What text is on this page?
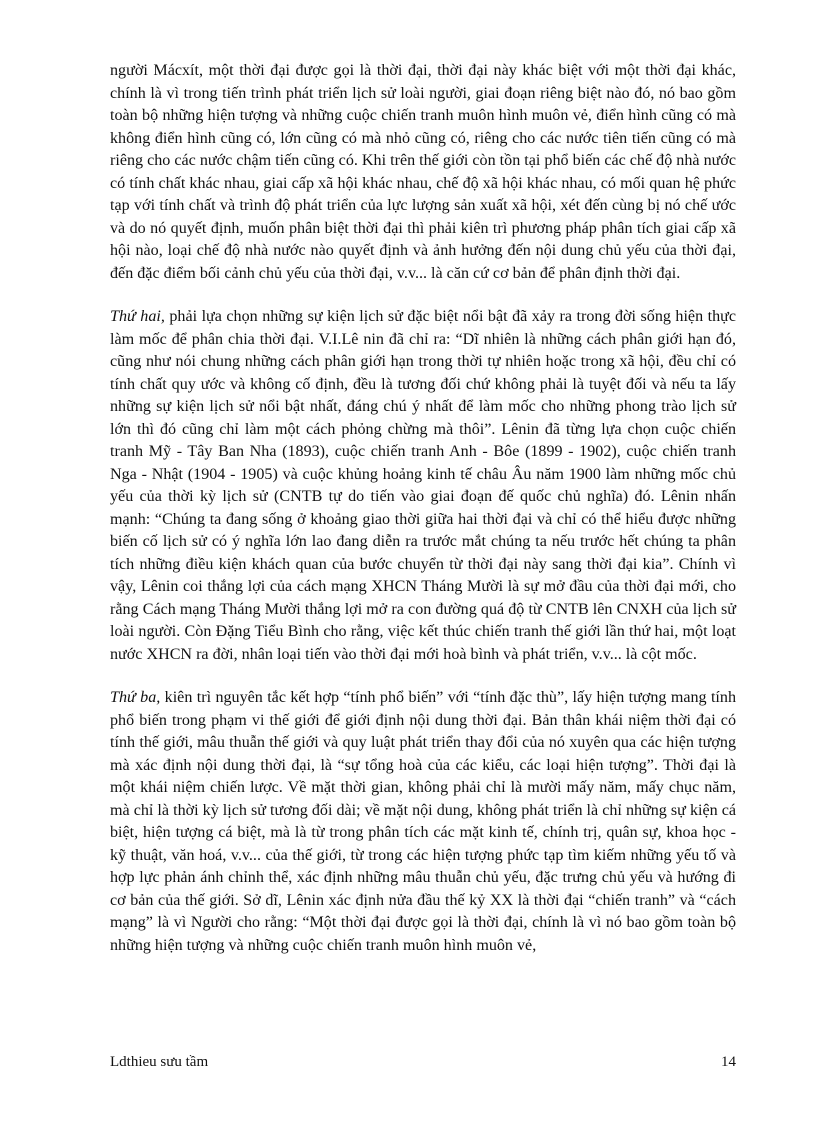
người Mácxít, một thời đại được gọi là thời đại, thời đại này khác biệt với một thời đại khác, chính là vì trong tiến trình phát triển lịch sử loài người, giai đoạn riêng biệt nào đó, nó bao gồm toàn bộ những hiện tượng và những cuộc chiến tranh muôn hình muôn vẻ, điển hình cũng có mà không điển hình cũng có, lớn cũng có mà nhỏ cũng có, riêng cho các nước tiên tiến cũng có mà riêng cho các nước chậm tiến cũng có. Khi trên thế giới còn tồn tại phổ biến các chế độ nhà nước có tính chất khác nhau, giai cấp xã hội khác nhau, chế độ xã hội khác nhau, có mối quan hệ phức tạp với tính chất và trình độ phát triển của lực lượng sản xuất xã hội, xét đến cùng bị nó chế ước và do nó quyết định, muốn phân biệt thời đại thì phải kiên trì phương pháp phân tích giai cấp xã hội nào, loại chế độ nhà nước nào quyết định và ảnh hưởng đến nội dung chủ yếu của thời đại, đến đặc điểm bối cảnh chủ yếu của thời đại, v.v... là căn cứ cơ bản để phân định thời đại.

Thứ hai, phải lựa chọn những sự kiện lịch sử đặc biệt nổi bật đã xảy ra trong đời sống hiện thực làm mốc để phân chia thời đại. V.I.Lê nin đã chỉ ra: “Dĩ nhiên là những cách phân giới hạn đó, cũng như nói chung những cách phân giới hạn trong thời tự nhiên hoặc trong xã hội, đều chỉ có tính chất quy ước và không cố định, đều là tương đối chứ không phải là tuyệt đối và nếu ta lấy những sự kiện lịch sử nổi bật nhất, đáng chú ý nhất để làm mốc cho những phong trào lịch sử lớn thì đó cũng chỉ làm một cách phỏng chừng mà thôi”. Lênin đã từng lựa chọn cuộc chiến tranh Mỹ - Tây Ban Nha (1893), cuộc chiến tranh Anh - Bôe (1899 - 1902), cuộc chiến tranh Nga - Nhật (1904 - 1905) và cuộc khủng hoảng kinh tế châu Âu năm 1900 làm những mốc chủ yếu của thời kỳ lịch sử (CNTB tự do tiến vào giai đoạn đế quốc chủ nghĩa) đó. Lênin nhấn mạnh: “Chúng ta đang sống ở khoảng giao thời giữa hai thời đại và chỉ có thể hiểu được những biến cố lịch sử có ý nghĩa lớn lao đang diễn ra trước mắt chúng ta nếu trước hết chúng ta phân tích những điều kiện khách quan của bước chuyển từ thời đại này sang thời đại kia”. Chính vì vậy, Lênin coi thắng lợi của cách mạng XHCN Tháng Mười là sự mở đầu của thời đại mới, cho rằng Cách mạng Tháng Mười thắng lợi mở ra con đường quá độ từ CNTB lên CNXH của lịch sử loài người. Còn Đặng Tiểu Bình cho rằng, việc kết thúc chiến tranh thế giới lần thứ hai, một loạt nước XHCN ra đời, nhân loại tiến vào thời đại mới hoà bình và phát triển, v.v... là cột mốc.

Thứ ba, kiên trì nguyên tắc kết hợp “tính phổ biến” với “tính đặc thù”, lấy hiện tượng mang tính phổ biến trong phạm vi thế giới để giới định nội dung thời đại. Bản thân khái niệm thời đại có tính thế giới, mâu thuẫn thế giới và quy luật phát triển thay đổi của nó xuyên qua các hiện tượng mà xác định nội dung thời đại, là “sự tổng hoà của các kiểu, các loại hiện tượng”. Thời đại là một khái niệm chiến lược. Về mặt thời gian, không phải chỉ là mười mấy năm, mấy chục năm, mà chỉ là thời kỳ lịch sử tương đối dài; về mặt nội dung, không phát triển là chỉ những sự kiện cá biệt, hiện tượng cá biệt, mà là từ trong phân tích các mặt kinh tế, chính trị, quân sự, khoa học - kỹ thuật, văn hoá, v.v... của thế giới, từ trong các hiện tượng phức tạp tìm kiếm những yếu tố và hợp lực phản ánh chỉnh thể, xác định những mâu thuẫn chủ yếu, đặc trưng chủ yếu và hướng đi cơ bản của thế giới. Sở dĩ, Lênin xác định nửa đầu thế kỷ XX là thời đại “chiến tranh” và “cách mạng” là vì Người cho rằng: “Một thời đại được gọi là thời đại, chính là vì nó bao gồm toàn bộ những hiện tượng và những cuộc chiến tranh muôn hình muôn vẻ,

Ldthieu sưu tầm	14
